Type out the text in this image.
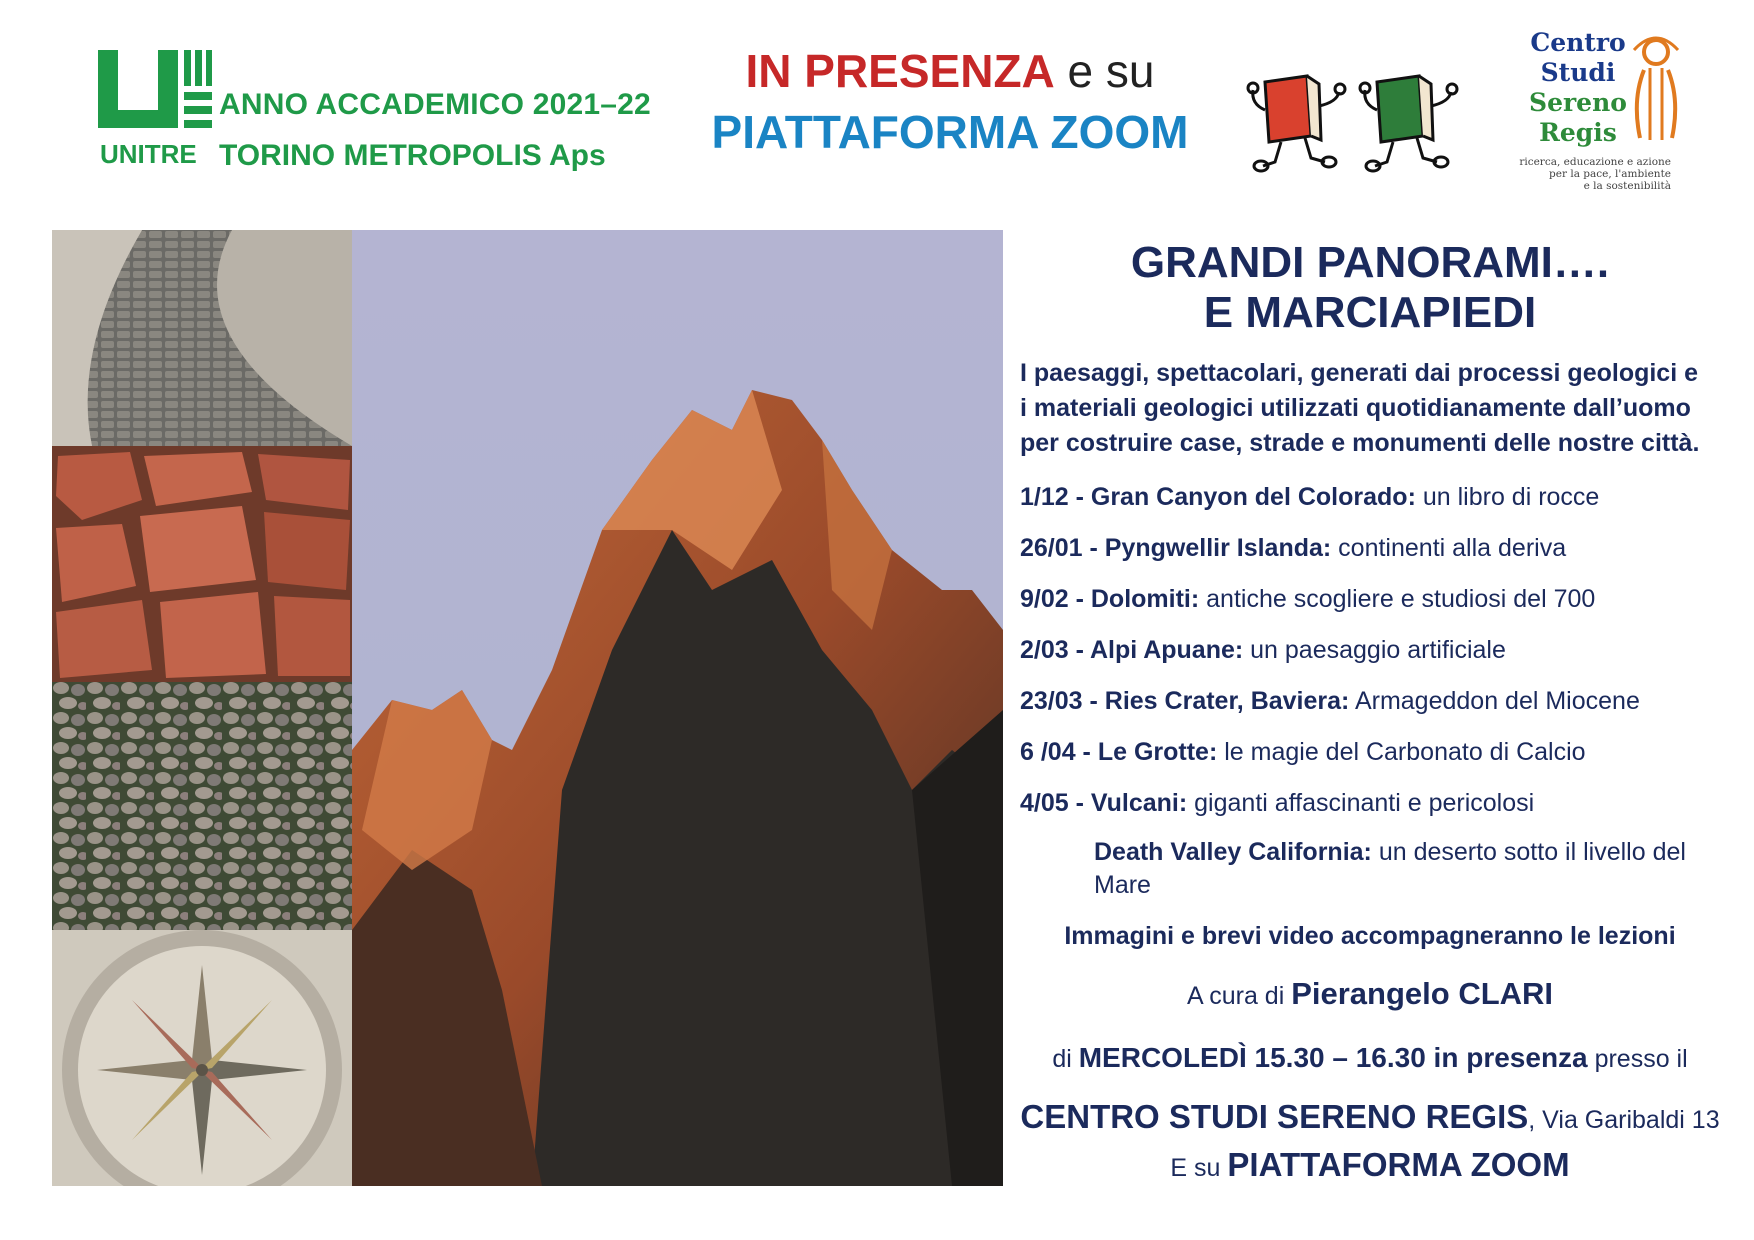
ANNO ACCADEMICO 2021–22
UNITRE TORINO METROPOLIS Aps
IN PRESENZA e su
PIATTAFORMA ZOOM
Centro
Studi
Sereno
Regis
ricerca, educazione e azione
per la pace, l'ambiente
e la sostenibilità
GRANDI PANORAMI….
E MARCIAPIEDI
I paesaggi, spettacolari, generati dai processi geologici e i materiali geologici utilizzati quotidianamente dall’uomo per costruire case, strade e monumenti delle nostre città.
1/12 - Gran Canyon del Colorado: un libro di rocce
26/01 - Pyngwellir Islanda: continenti alla deriva
9/02 - Dolomiti: antiche scogliere e studiosi del 700
2/03 - Alpi Apuane: un paesaggio artificiale
23/03 - Ries Crater, Baviera: Armageddon del Miocene
6 /04 - Le Grotte: le magie del Carbonato di Calcio
4/05 - Vulcani: giganti affascinanti e pericolosi
Death Valley California: un deserto sotto il livello del Mare
Immagini e brevi video accompagneranno le lezioni
A cura di Pierangelo CLARI
di MERCOLEDÌ 15.30 – 16.30 in presenza presso il
CENTRO STUDI SERENO REGIS, Via Garibaldi 13
E su PIATTAFORMA ZOOM
